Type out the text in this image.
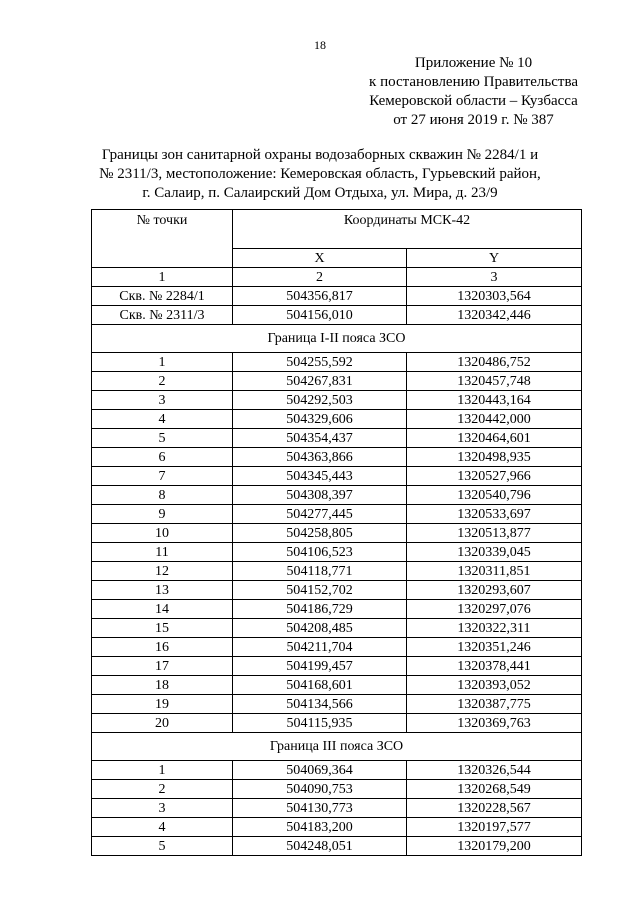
18
Приложение № 10
к постановлению Правительства
Кемеровской области – Кузбасса
от 27 июня 2019 г. № 387
Границы зон санитарной охраны водозаборных скважин № 2284/1 и
№ 2311/3, местоположение: Кемеровская область, Гурьевский район,
г. Салаир, п. Салаирский Дом Отдыха, ул. Мира, д. 23/9
№ точки	Координаты МСК-42	
	X	Y
1	2	3
Скв. № 2284/1	504356,817	1320303,564
Скв. № 2311/3	504156,010	1320342,446
Граница I-II пояса ЗСО		
1	504255,592	1320486,752
2	504267,831	1320457,748
3	504292,503	1320443,164
4	504329,606	1320442,000
5	504354,437	1320464,601
6	504363,866	1320498,935
7	504345,443	1320527,966
8	504308,397	1320540,796
9	504277,445	1320533,697
10	504258,805	1320513,877
11	504106,523	1320339,045
12	504118,771	1320311,851
13	504152,702	1320293,607
14	504186,729	1320297,076
15	504208,485	1320322,311
16	504211,704	1320351,246
17	504199,457	1320378,441
18	504168,601	1320393,052
19	504134,566	1320387,775
20	504115,935	1320369,763
Граница III пояса ЗСО		
1	504069,364	1320326,544
2	504090,753	1320268,549
3	504130,773	1320228,567
4	504183,200	1320197,577
5	504248,051	1320179,200
